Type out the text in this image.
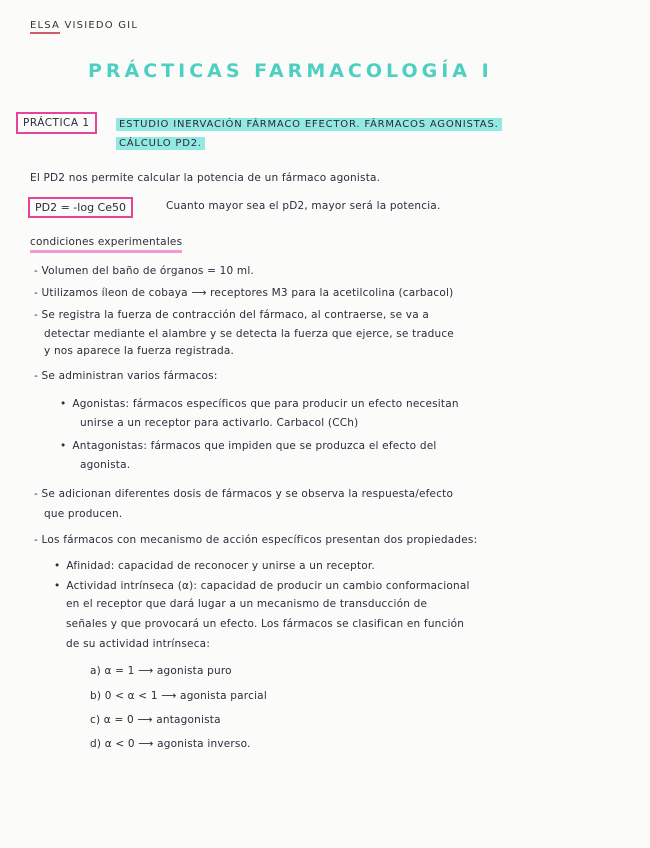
ELSA VISIEDO GIL
PRÁCTICAS FARMACOLOGÍA I
PRÁCTICA 1	ESTUDIO INERVACIÓN FÁRMACO EFECTOR. FÁRMACOS AGONISTAS.
CÁLCULO PD2.
El PD2 nos permite calcular la potencia de un fármaco agonista.
PD2 = -log Ce50	Cuanto mayor sea el pD2, mayor será la potencia.
condiciones experimentales
- Volumen del baño de órganos = 10 ml.
- Utilizamos íleon de cobaya ⟶ receptores M3 para la acetilcolina (carbacol)
- Se registra la fuerza de contracción del fármaco, al contraerse, se va a
detectar mediante el alambre y se detecta la fuerza que ejerce, se traduce
y nos aparece la fuerza registrada.
- Se administran varios fármacos:
• Agonistas: fármacos específicos que para producir un efecto necesitan
unirse a un receptor para activarlo. Carbacol (CCh)
• Antagonistas: fármacos que impiden que se produzca el efecto del
agonista.
- Se adicionan diferentes dosis de fármacos y se observa la respuesta/efecto
que producen.
- Los fármacos con mecanismo de acción específicos presentan dos propiedades:
• Afinidad: capacidad de reconocer y unirse a un receptor.
• Actividad intrínseca (α): capacidad de producir un cambio conformacional
en el receptor que dará lugar a un mecanismo de transducción de
señales y que provocará un efecto. Los fármacos se clasifican en función
de su actividad intrínseca:
a) α = 1 ⟶ agonista puro
b) 0 < α < 1 ⟶ agonista parcial
c) α = 0 ⟶ antagonista
d) α < 0 ⟶ agonista inverso.
